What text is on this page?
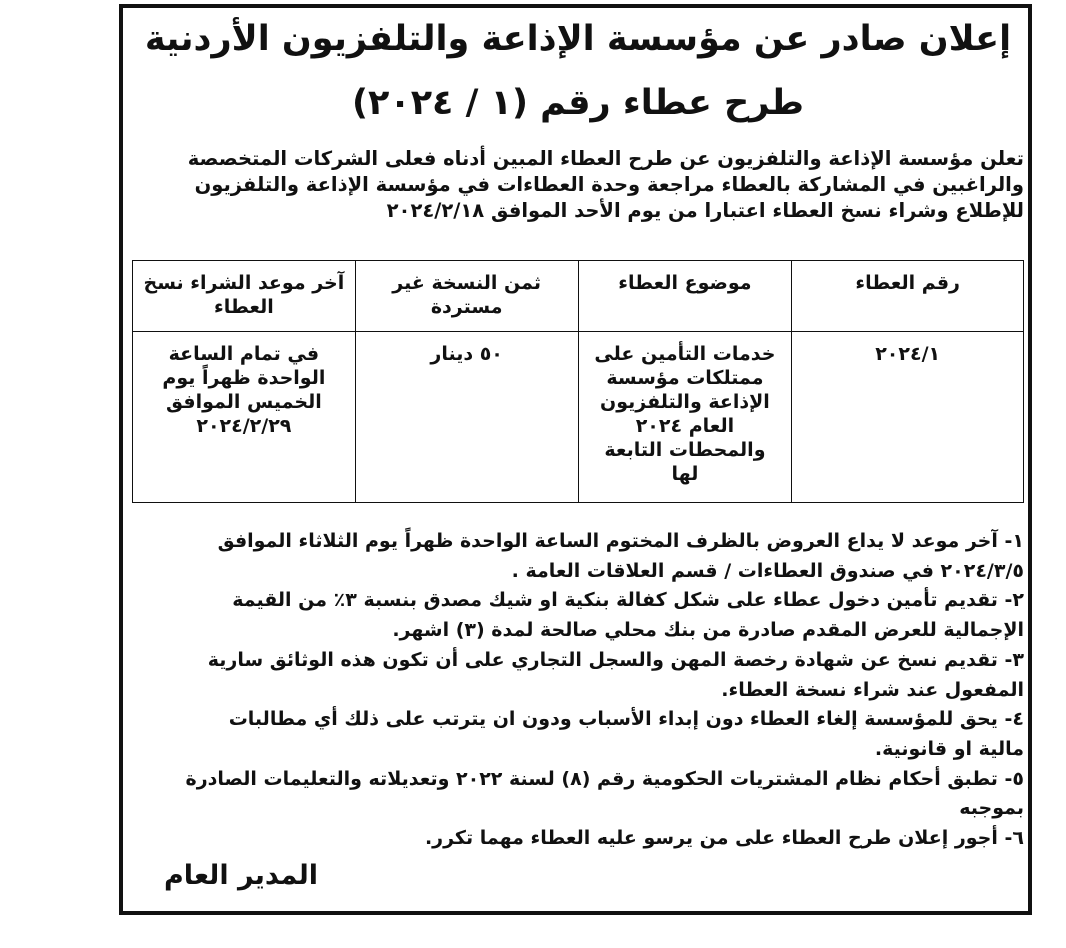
إعلان صادر عن مؤسسة الإذاعة والتلفزيون الأردنية
طرح عطاء رقم (١ / ٢٠٢٤)
تعلن مؤسسة الإذاعة والتلفزيون عن طرح العطاء المبين أدناه فعلى الشركات المتخصصة
والراغبين في المشاركة بالعطاء مراجعة وحدة العطاءات في مؤسسة الإذاعة والتلفزيون
للإطلاع وشراء نسخ العطاء اعتبارا من يوم الأحد الموافق ٢٠٢٤/٢/١٨
رقم العطاء	موضوع العطاء	ثمن النسخة غير مستردة	آخر موعد الشراء نسخ العطاء
٢٠٢٤/١	خدمات التأمين على ممتلكات مؤسسة الإذاعة والتلفزيون العام ٢٠٢٤ والمحطات التابعة لها	٥٠ دينار	في تمام الساعة الواحدة ظهراً يوم الخميس الموافق ٢٠٢٤/٢/٢٩
١- آخر موعد لا يداع العروض بالظرف المختوم الساعة الواحدة ظهراً يوم الثلاثاء الموافق
٢٠٢٤/٣/٥ في صندوق العطاءات / قسم العلاقات العامة .
٢- تقديم تأمين دخول عطاء على شكل كفالة بنكية او شيك مصدق بنسبة ٣٪ من القيمة
الإجمالية للعرض المقدم صادرة من بنك محلي صالحة لمدة (٣) اشهر.
٣- تقديم نسخ عن شهادة رخصة المهن والسجل التجاري على أن تكون هذه الوثائق سارية
المفعول عند شراء نسخة العطاء.
٤- يحق للمؤسسة إلغاء العطاء دون إبداء الأسباب ودون ان يترتب على ذلك أي مطالبات
مالية او قانونية.
٥- تطبق أحكام نظام المشتريات الحكومية رقم (٨) لسنة ٢٠٢٢ وتعديلاته والتعليمات الصادرة
بموجبه
٦- أجور إعلان طرح العطاء على من يرسو عليه العطاء مهما تكرر.
المدير العام
